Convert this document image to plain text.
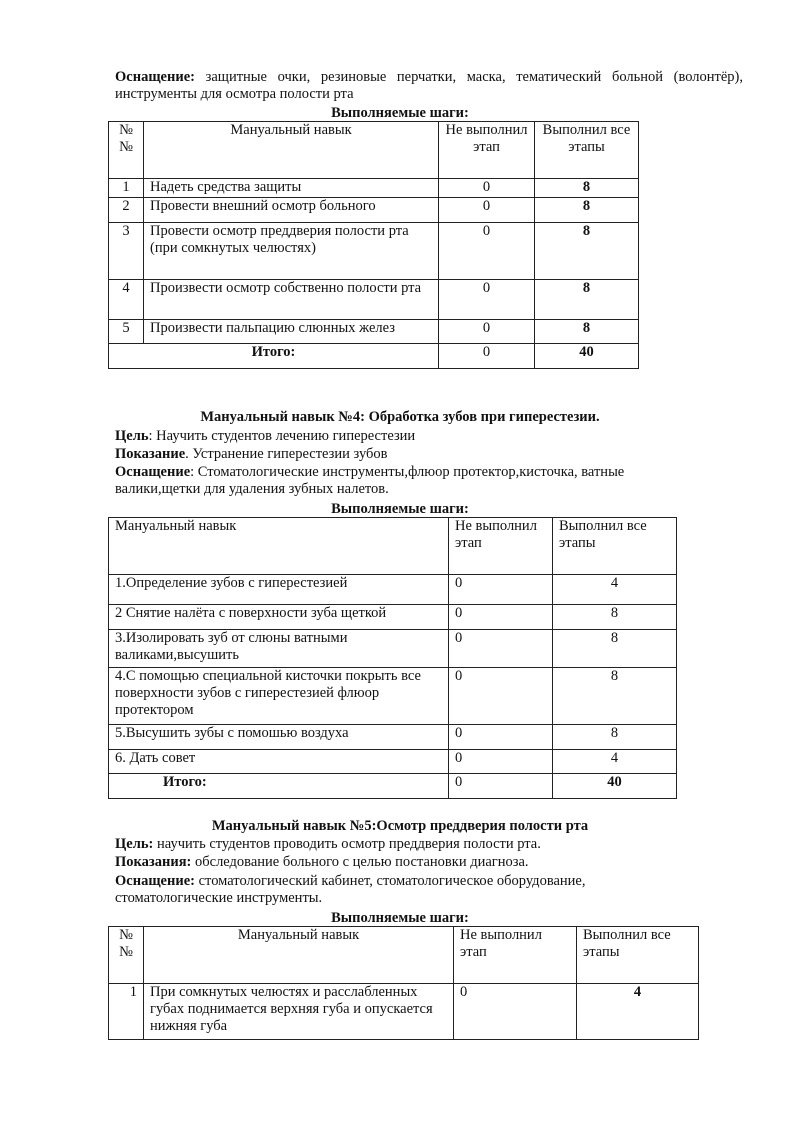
Оснащение: защитные очки, резиновые перчатки, маска, тематический больной (волонтёр), инструменты для осмотра полости рта
Выполняемые шаги:
№ №	Мануальный навык	Не выполнил этап	Выполнил все этапы
1	Надеть средства защиты	0	8
2	Провести внешний осмотр больного	0	8
3	Провести осмотр преддверия полости рта (при сомкнутых челюстях)	0	8
4	Произвести осмотр собственно полости рта	0	8
5	Произвести пальпацию слюнных желез	0	8
Итого:		0	40
Мануальный навык №4: Обработка зубов при гиперестезии.
Цель: Научить студентов лечению гиперестезии
Показание. Устранение гиперестезии зубов
Оснащение: Стоматологические инструменты,флюор протектор,кисточка, ватные валики,щетки для удаления зубных налетов.
Выполняемые шаги:
Мануальный навык	Не выполнил этап	Выполнил все этапы
1.Определение зубов с гиперестезией	0	4
2 Снятие налёта с поверхности зуба щеткой	0	8
3.Изолировать зуб от слюны ватными валиками,высушить	0	8
4.С помощью специальной кисточки покрыть все поверхности зубов с гиперестезией флюор протектором	0	8
5.Высушить зубы с помошью воздуха	0	8
6. Дать совет	0	4
Итого:	0	40
Мануальный навык №5:Осмотр преддверия полости рта
Цель: научить студентов проводить осмотр преддверия полости рта.
Показания: обследование больного с целью постановки диагноза.
Оснащение: стоматологический кабинет, стоматологическое оборудование, стоматологические инструменты.
Выполняемые шаги:
№ №	Мануальный навык	Не выполнил этап	Выполнил все этапы
1	При сомкнутых челюстях и расслабленных губах поднимается верхняя губа и опускается нижняя губа	0	4
